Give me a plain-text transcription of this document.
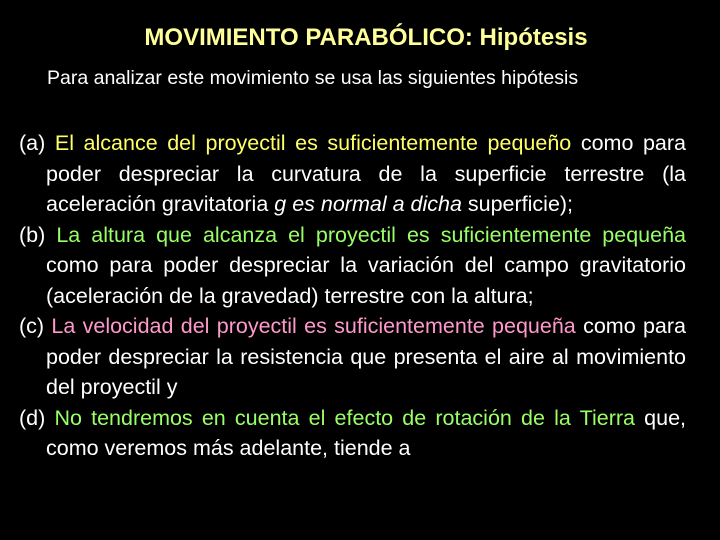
MOVIMIENTO PARABÓLICO: Hipótesis
Para analizar este movimiento se usa las siguientes hipótesis

(a) El alcance del proyectil es suficientemente pequeño como para poder despreciar la curvatura de la superficie terrestre (la aceleración gravitatoria g es normal a dicha superficie);

(b) La altura que alcanza el proyectil es suficientemente pequeña como para poder despreciar la variación del campo gravitatorio (aceleración de la gravedad) terrestre con la altura;

(c) La velocidad del proyectil es suficientemente pequeña como para poder despreciar la resistencia que presenta el aire al movimiento del proyectil y

(d) No tendremos en cuenta el efecto de rotación de la Tierra que, como veremos más adelante, tiende a
